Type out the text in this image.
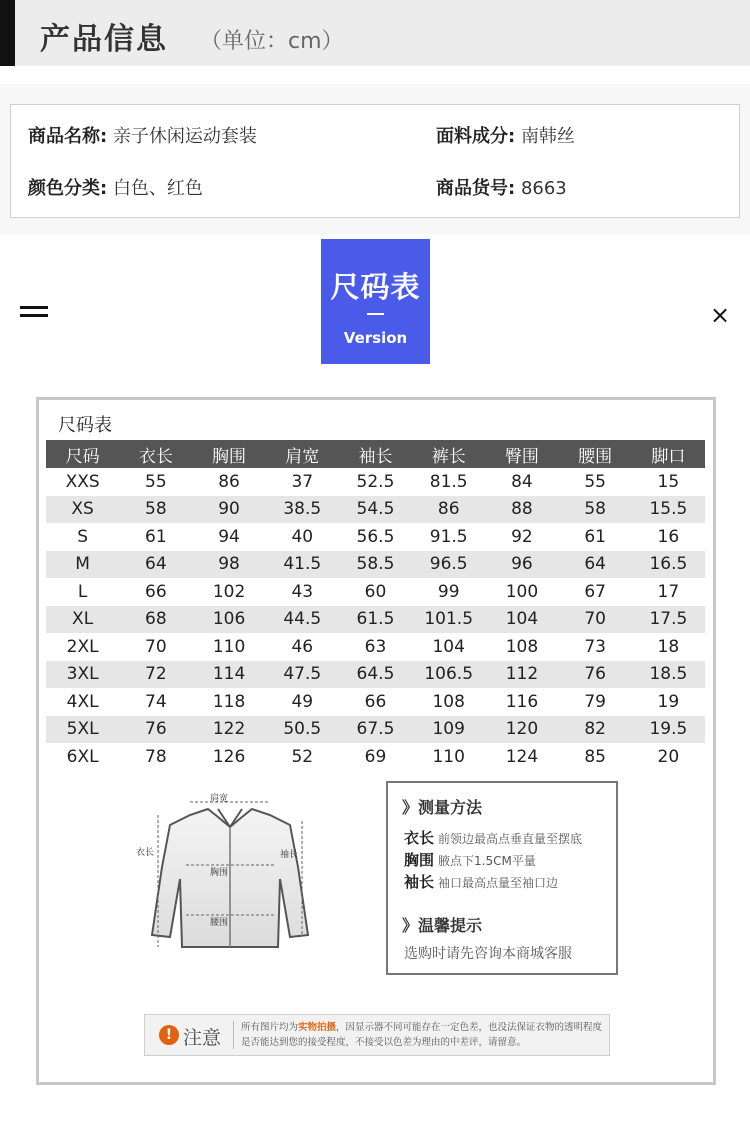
产品信息 （单位：cm）
商品名称: 亲子休闲运动套装	面料成分: 南韩丝
颜色分类: 白色、红色	商品货号: 8663
尺码表
Version
×
尺码表
尺码	衣长	胸围	肩宽	袖长	裤长	臀围	腰围	脚口
XXS	55	86	37	52.5	81.5	84	55	15
XS	58	90	38.5	54.5	86	88	58	15.5
S	61	94	40	56.5	91.5	92	61	16
M	64	98	41.5	58.5	96.5	96	64	16.5
L	66	102	43	60	99	100	67	17
XL	68	106	44.5	61.5	101.5	104	70	17.5
2XL	70	110	46	63	104	108	73	18
3XL	72	114	47.5	64.5	106.5	112	76	18.5
4XL	74	118	49	66	108	116	79	19
5XL	76	122	50.5	67.5	109	120	82	19.5
6XL	78	126	52	69	110	124	85	20
肩宽
衣长	袖长
胸围
腰围
》测量方法
衣长 前领边最高点垂直量至摆底
胸围 腋点下1.5CM平量
袖长 袖口最高点量至袖口边
》温馨提示
选购时请先咨询本商城客服
! 注意 所有图片均为实物拍摄，因显示器不同可能存在一定色差，也没法保证衣物的透明程度是否能达到您的接受程度，不接受以色差为理由的中差评，请留意。
